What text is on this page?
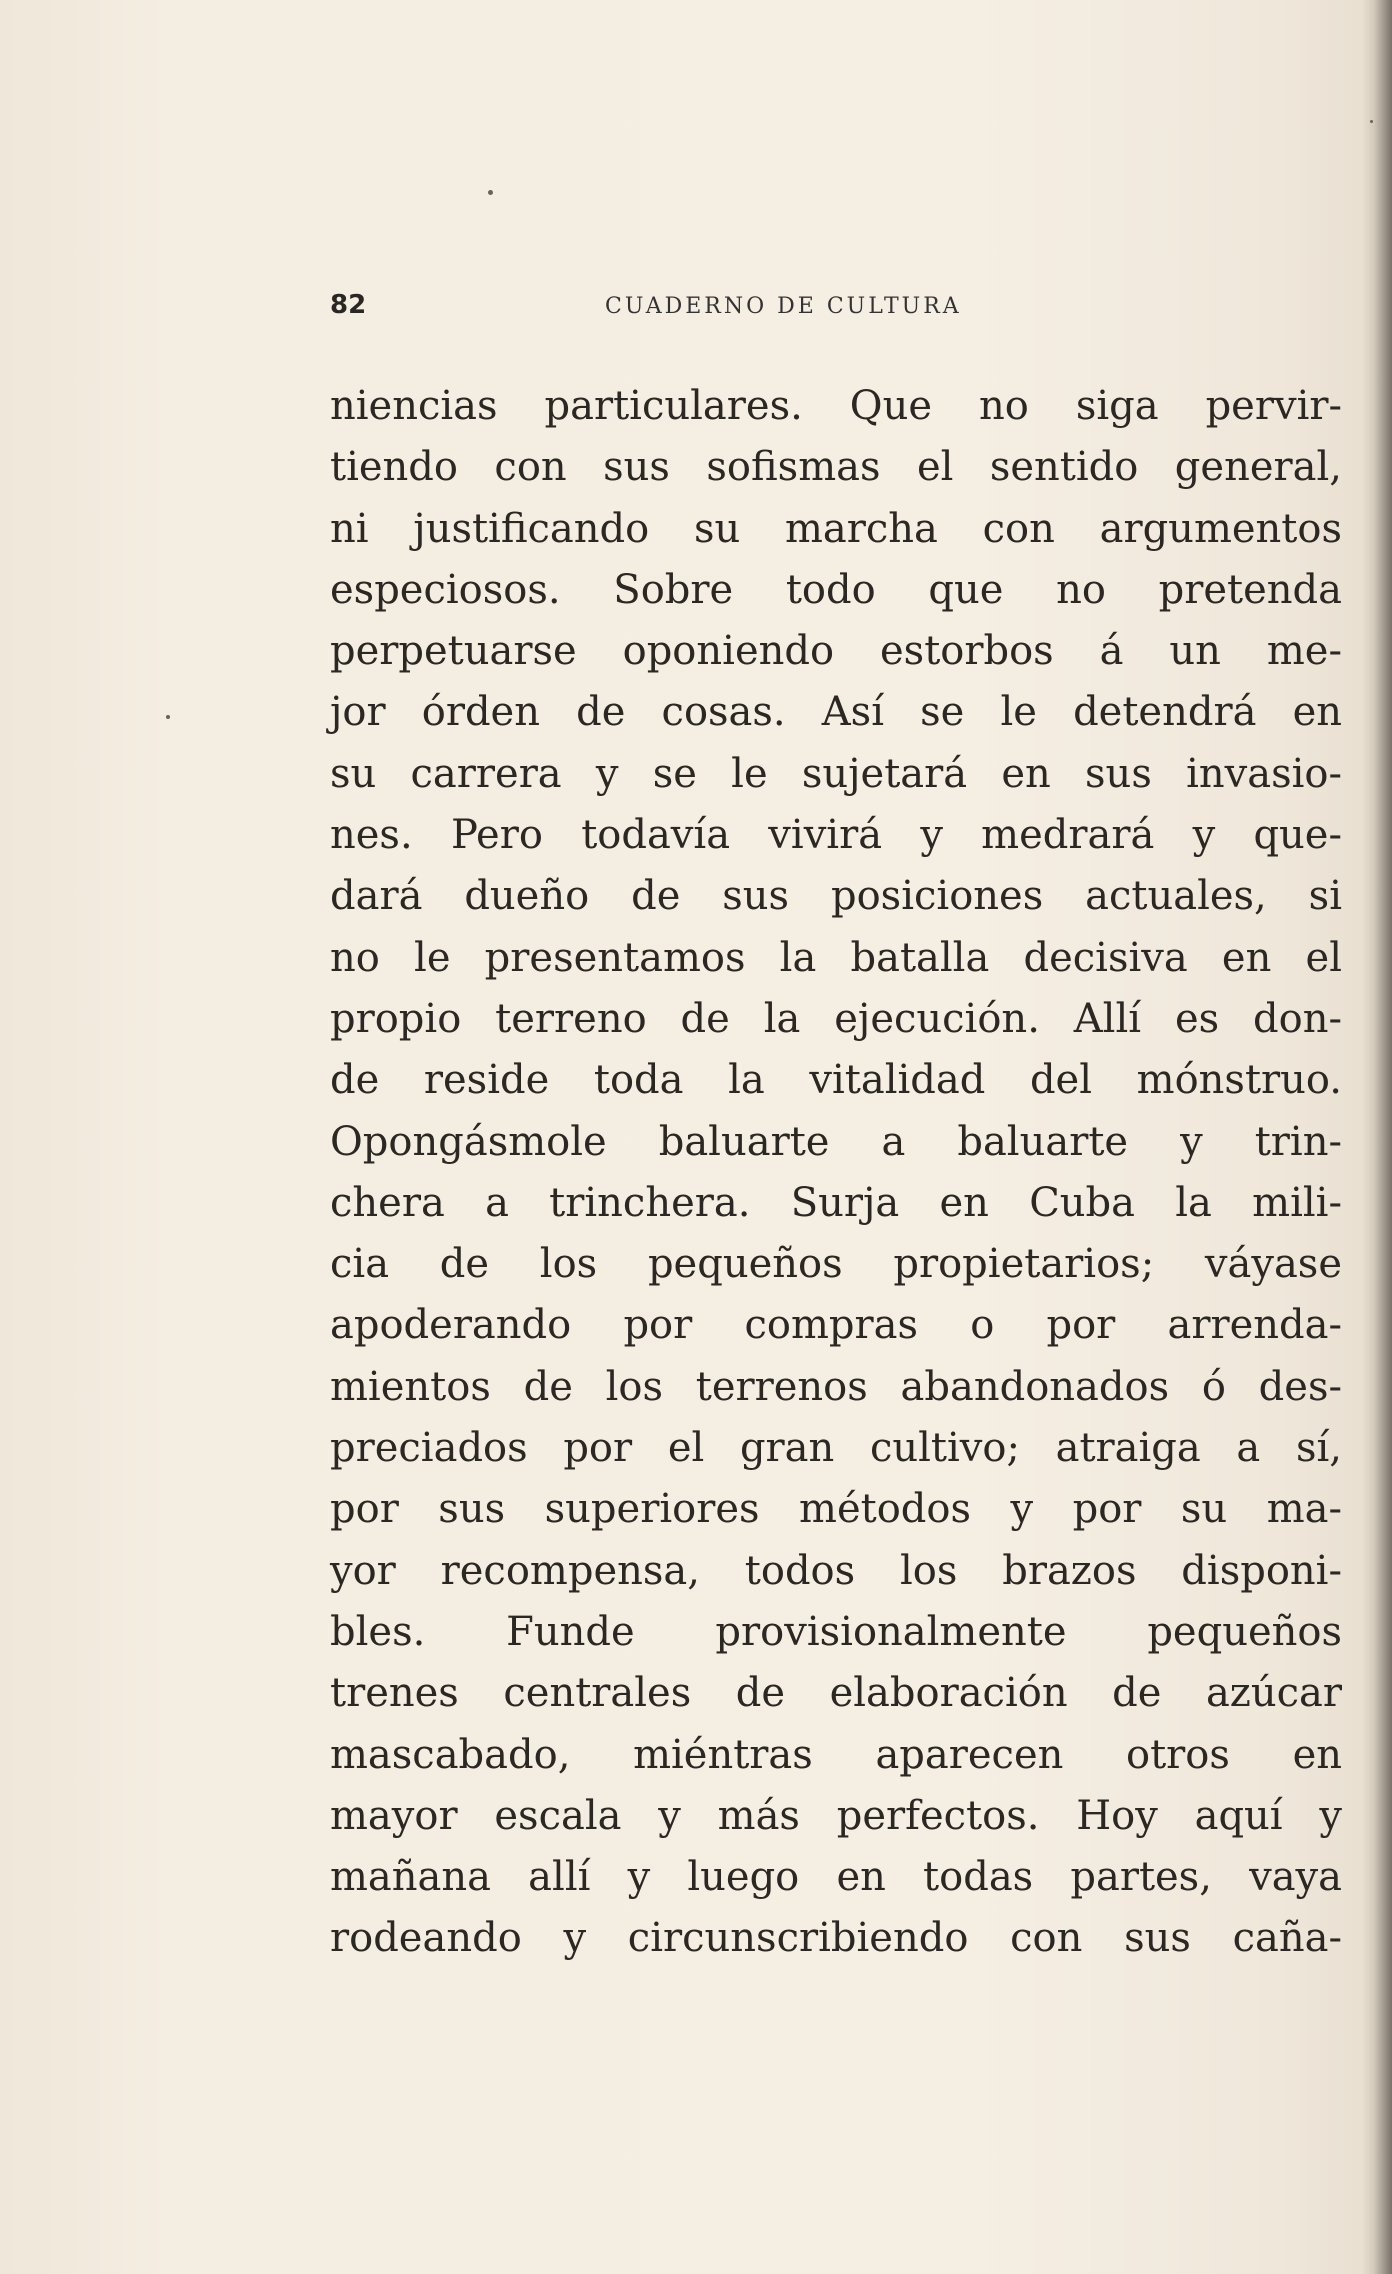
82	CUADERNO DE CULTURA
niencias particulares. Que no siga pervir-
tiendo con sus sofismas el sentido general,
ni justificando su marcha con argumentos
especiosos. Sobre todo que no pretenda
perpetuarse oponiendo estorbos á un me-
jor órden de cosas. Así se le detendrá en
su carrera y se le sujetará en sus invasio-
nes. Pero todavía vivirá y medrará y que-
dará dueño de sus posiciones actuales, si
no le presentamos la batalla decisiva en el
propio terreno de la ejecución. Allí es don-
de reside toda la vitalidad del mónstruo.
Opongásmole baluarte a baluarte y trin-
chera a trinchera. Surja en Cuba la mili-
cia de los pequeños propietarios; váyase
apoderando por compras o por arrenda-
mientos de los terrenos abandonados ó des-
preciados por el gran cultivo; atraiga a sí,
por sus superiores métodos y por su ma-
yor recompensa, todos los brazos disponi-
bles. Funde provisionalmente pequeños
trenes centrales de elaboración de azúcar
mascabado, miéntras aparecen otros en
mayor escala y más perfectos. Hoy aquí y
mañana allí y luego en todas partes, vaya
rodeando y circunscribiendo con sus caña-
